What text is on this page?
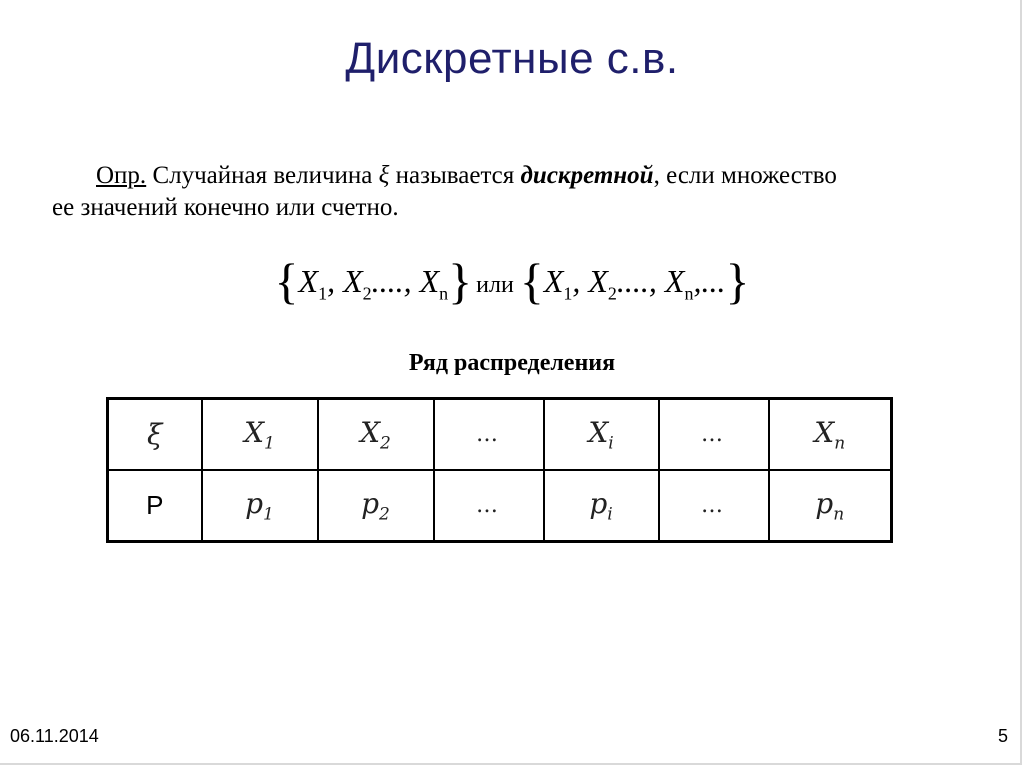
Дискретные с.в.
Опр. Случайная величина ξ называется дискретной, если множество
ее значений конечно или счетно.
{$X_1$, $X_2$...., $X_n$} или {$X_1$, $X_2$...., $X_n$,...}
Ряд распределения
ξ	$X_1$	$X_2$	…	$X_i$	…	$X_n$
P	$p_1$	$p_2$	…	$p_i$	…	$p_n$
06.11.2014	5
